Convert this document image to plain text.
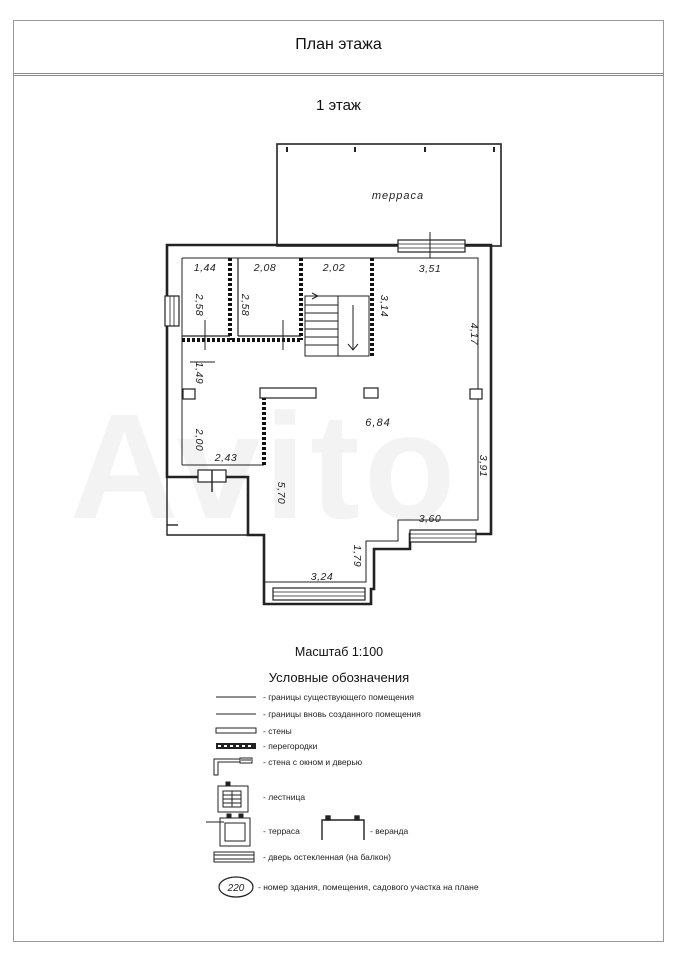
План этажа
1 этаж
терраса
1,44	2,08	2,02	3,51
2,58	2,58	3,14
4,17
1,49
6,84
2,00
2,43	3,91
5,70
3,60
1,79
3,24
220
Масштаб 1:100
Условные обозначения
- границы существующего помещения
- границы вновь созданного помещения
- стены
- перегородки
- стена с окном и дверью
- лестница
- терраса	- веранда
- дверь остекленная (на балкон)
- номер здания, помещения, садового участка на плане
